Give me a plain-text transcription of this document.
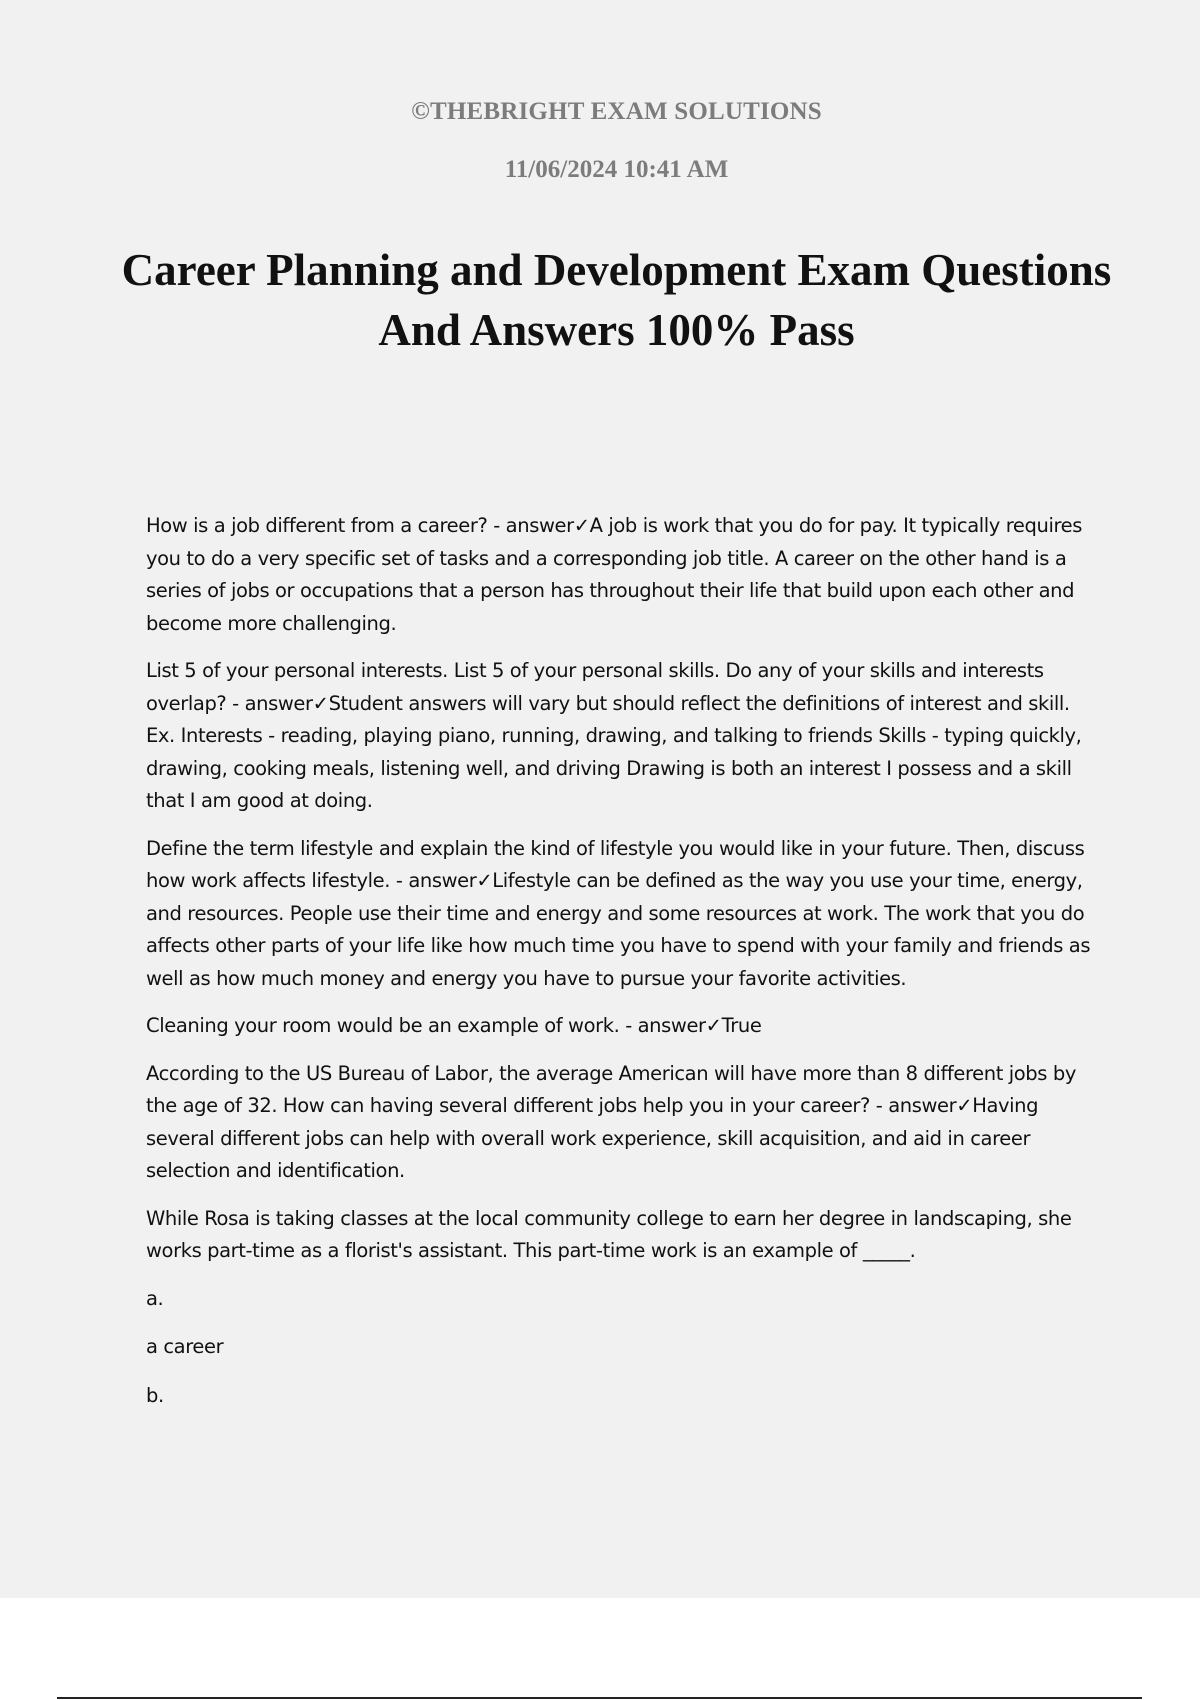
©THEBRIGHT EXAM SOLUTIONS

11/06/2024 10:41 AM

Career Planning and Development Exam Questions And Answers 100% Pass

How is a job different from a career? - answer✓A job is work that you do for pay. It typically requires you to do a very specific set of tasks and a corresponding job title. A career on the other hand is a series of jobs or occupations that a person has throughout their life that build upon each other and become more challenging.

List 5 of your personal interests. List 5 of your personal skills. Do any of your skills and interests overlap? - answer✓Student answers will vary but should reflect the definitions of interest and skill. Ex. Interests - reading, playing piano, running, drawing, and talking to friends Skills - typing quickly, drawing, cooking meals, listening well, and driving Drawing is both an interest I possess and a skill that I am good at doing.

Define the term lifestyle and explain the kind of lifestyle you would like in your future. Then, discuss how work affects lifestyle. - answer✓Lifestyle can be defined as the way you use your time, energy, and resources. People use their time and energy and some resources at work. The work that you do affects other parts of your life like how much time you have to spend with your family and friends as well as how much money and energy you have to pursue your favorite activities.

Cleaning your room would be an example of work. - answer✓True

According to the US Bureau of Labor, the average American will have more than 8 different jobs by the age of 32. How can having several different jobs help you in your career? - answer✓Having several different jobs can help with overall work experience, skill acquisition, and aid in career selection and identification.

While Rosa is taking classes at the local community college to earn her degree in landscaping, she works part-time as a florist's assistant. This part-time work is an example of _____.

a.

a career

b.
